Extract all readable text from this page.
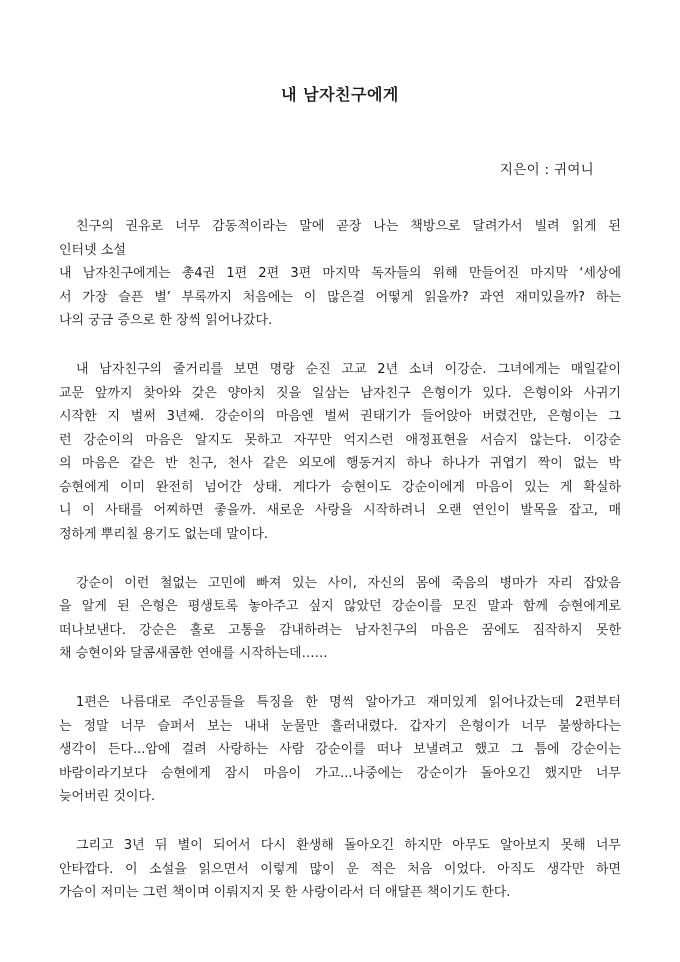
내 남자친구에게
지은이 : 귀여니
친구의 권유로 너무 감동적이라는 말에 곧장 나는 책방으로 달려가서 빌려 읽게 된
인터넷 소설
내 남자친구에게는 총4권 1편 2편 3편 마지막 독자들의 위해 만들어진 마지막 ‘세상에
서 가장 슬픈 별’ 부록까지 처음에는 이 많은걸 어떻게 읽을까? 과연 재미있을까? 하는
나의 궁금 증으로 한 장씩 읽어나갔다.
내 남자친구의 줄거리를 보면 명랑 순진 고교 2년 소녀 이강순. 그녀에게는 매일같이
교문 앞까지 찾아와 갖은 양아치 짓을 일삼는 남자친구 은형이가 있다. 은형이와 사귀기
시작한 지 벌써 3년째. 강순이의 마음엔 벌써 권태기가 들어앉아 버렸건만, 은형이는 그
런 강순이의 마음은 알지도 못하고 자꾸만 억지스런 애정표현을 서슴지 않는다. 이강순
의 마음은 같은 반 친구, 천사 같은 외모에 행동거지 하나 하나가 귀엽기 짝이 없는 박
승현에게 이미 완전히 넘어간 상태. 게다가 승현이도 강순이에게 마음이 있는 게 확실하
니 이 사태를 어찌하면 좋을까. 새로운 사랑을 시작하려니 오랜 연인이 발목을 잡고, 매
정하게 뿌리칠 용기도 없는데 말이다.
강순이 이런 철없는 고민에 빠져 있는 사이, 자신의 몸에 죽음의 병마가 자리 잡았음
을 알게 된 은형은 평생토록 놓아주고 싶지 않았던 강순이를 모진 말과 함께 승현에게로
떠나보낸다. 강순은 홀로 고통을 감내하려는 남자친구의 마음은 꿈에도 짐작하지 못한
채 승현이와 달콤새콤한 연애를 시작하는데……
1편은 나름대로 주인공들을 특징을 한 명씩 알아가고 재미있게 읽어나갔는데 2편부터
는 정말 너무 슬퍼서 보는 내내 눈물만 흘러내렸다. 갑자기 은형이가 너무 불쌍하다는
생각이 든다...암에 걸려 사랑하는 사람 강순이를 떠나 보낼려고 했고 그 틈에 강순이는
바람이라기보다 승현에게 잠시 마음이 가고...나중에는 강순이가 돌아오긴 했지만 너무
늦어버린 것이다.
그리고 3년 뒤 별이 되어서 다시 환생해 돌아오긴 하지만 아무도 알아보지 못해 너무
안타깝다. 이 소설을 읽으면서 이렇게 많이 운 적은 처음 이었다. 아직도 생각만 하면
가슴이 저미는 그런 책이며 이뤄지지 못 한 사랑이라서 더 애달픈 책이기도 한다.
